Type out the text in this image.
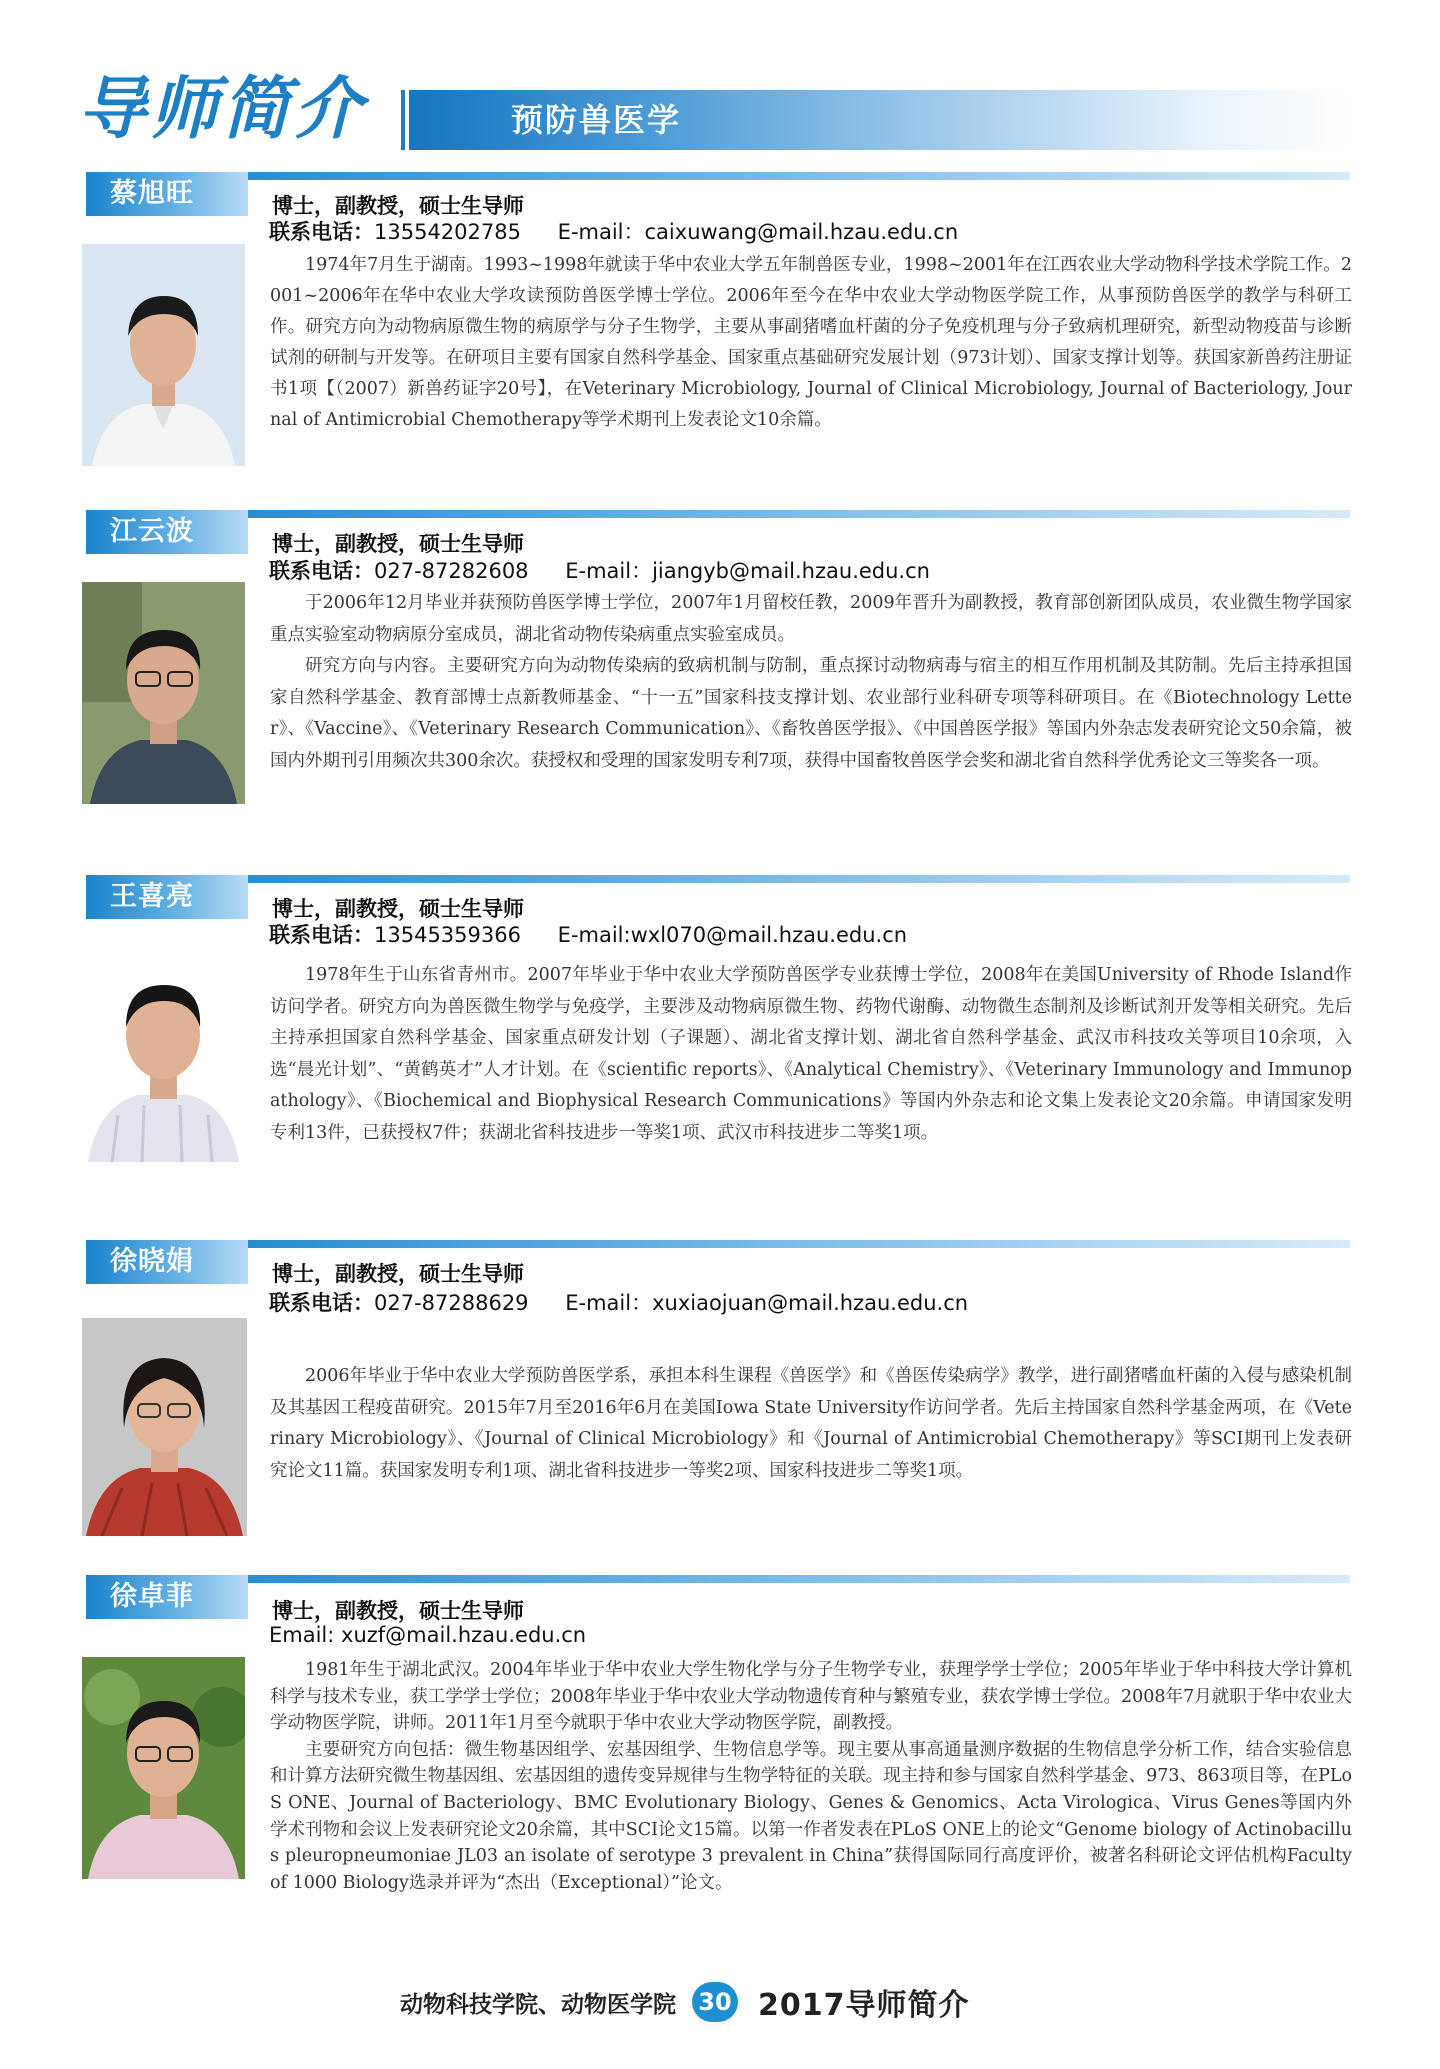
导师简介	预防兽医学
蔡旭旺	博士，副教授，硕士生导师
联系电话：13554202785 E-mail：caixuwang@mail.hzau.edu.cn

1974年7月生于湖南。1993~1998年就读于华中农业大学五年制兽医专业，1998~2001年在江西农业大学动物科学技术学院工作。2001~2006年在华中农业大学攻读预防兽医学博士学位。2006年至今在华中农业大学动物医学院工作，从事预防兽医学的教学与科研工作。研究方向为动物病原微生物的病原学与分子生物学，主要从事副猪嗜血杆菌的分子免疫机理与分子致病机理研究，新型动物疫苗与诊断试剂的研制与开发等。在研项目主要有国家自然科学基金、国家重点基础研究发展计划（973计划）、国家支撑计划等。获国家新兽药注册证书1项【（2007）新兽药证字20号】，在Veterinary Microbiology, Journal of Clinical Microbiology, Journal of Bacteriology, Journal of Antimicrobial Chemotherapy等学术期刊上发表论文10余篇。

江云波	博士，副教授，硕士生导师
联系电话：027-87282608 E-mail：jiangyb@mail.hzau.edu.cn

于2006年12月毕业并获预防兽医学博士学位，2007年1月留校任教，2009年晋升为副教授，教育部创新团队成员，农业微生物学国家重点实验室动物病原分室成员，湖北省动物传染病重点实验室成员。

研究方向与内容。主要研究方向为动物传染病的致病机制与防制，重点探讨动物病毒与宿主的相互作用机制及其防制。先后主持承担国家自然科学基金、教育部博士点新教师基金、“十一五”国家科技支撑计划、农业部行业科研专项等科研项目。在《Biotechnology Letter》、《Vaccine》、《Veterinary Research Communication》、《畜牧兽医学报》、《中国兽医学报》等国内外杂志发表研究论文50余篇，被国内外期刊引用频次共300余次。获授权和受理的国家发明专利7项，获得中国畜牧兽医学会奖和湖北省自然科学优秀论文三等奖各一项。

王喜亮	博士，副教授，硕士生导师
联系电话：13545359366 E-mail:wxl070@mail.hzau.edu.cn

1978年生于山东省青州市。2007年毕业于华中农业大学预防兽医学专业获博士学位，2008年在美国University of Rhode Island作访问学者。研究方向为兽医微生物学与免疫学，主要涉及动物病原微生物、药物代谢酶、动物微生态制剂及诊断试剂开发等相关研究。先后主持承担国家自然科学基金、国家重点研发计划（子课题）、湖北省支撑计划、湖北省自然科学基金、武汉市科技攻关等项目10余项，入选“晨光计划”、“黄鹤英才”人才计划。在《scientific reports》、《Analytical Chemistry》、《Veterinary Immunology and Immunopathology》、《Biochemical and Biophysical Research Communications》等国内外杂志和论文集上发表论文20余篇。申请国家发明专利13件，已获授权7件；获湖北省科技进步一等奖1项、武汉市科技进步二等奖1项。

徐晓娟	博士，副教授，硕士生导师
联系电话：027-87288629 E-mail：xuxiaojuan@mail.hzau.edu.cn

2006年毕业于华中农业大学预防兽医学系，承担本科生课程《兽医学》和《兽医传染病学》教学，进行副猪嗜血杆菌的入侵与感染机制及其基因工程疫苗研究。2015年7月至2016年6月在美国Iowa State University作访问学者。先后主持国家自然科学基金两项，在《Veterinary Microbiology》、《Journal of Clinical Microbiology》和《Journal of Antimicrobial Chemotherapy》等SCI期刊上发表研究论文11篇。获国家发明专利1项、湖北省科技进步一等奖2项、国家科技进步二等奖1项。

徐卓菲	博士，副教授，硕士生导师
Email: xuzf@mail.hzau.edu.cn

1981年生于湖北武汉。2004年毕业于华中农业大学生物化学与分子生物学专业，获理学学士学位；2005年毕业于华中科技大学计算机科学与技术专业，获工学学士学位；2008年毕业于华中农业大学动物遗传育种与繁殖专业，获农学博士学位。2008年7月就职于华中农业大学动物医学院，讲师。2011年1月至今就职于华中农业大学动物医学院，副教授。

主要研究方向包括：微生物基因组学、宏基因组学、生物信息学等。现主要从事高通量测序数据的生物信息学分析工作，结合实验信息和计算方法研究微生物基因组、宏基因组的遗传变异规律与生物学特征的关联。现主持和参与国家自然科学基金、973、863项目等，在PLoS ONE、Journal of Bacteriology、BMC Evolutionary Biology、Genes & Genomics、Acta Virologica、Virus Genes等国内外学术刊物和会议上发表研究论文20余篇，其中SCI论文15篇。以第一作者发表在PLoS ONE上的论文“Genome biology of Actinobacillus pleuropneumoniae JL03 an isolate of serotype 3 prevalent in China”获得国际同行高度评价，被著名科研论文评估机构Faculty of 1000 Biology选录并评为“杰出（Exceptional）”论文。

动物科技学院、动物医学院 30 2017导师简介
